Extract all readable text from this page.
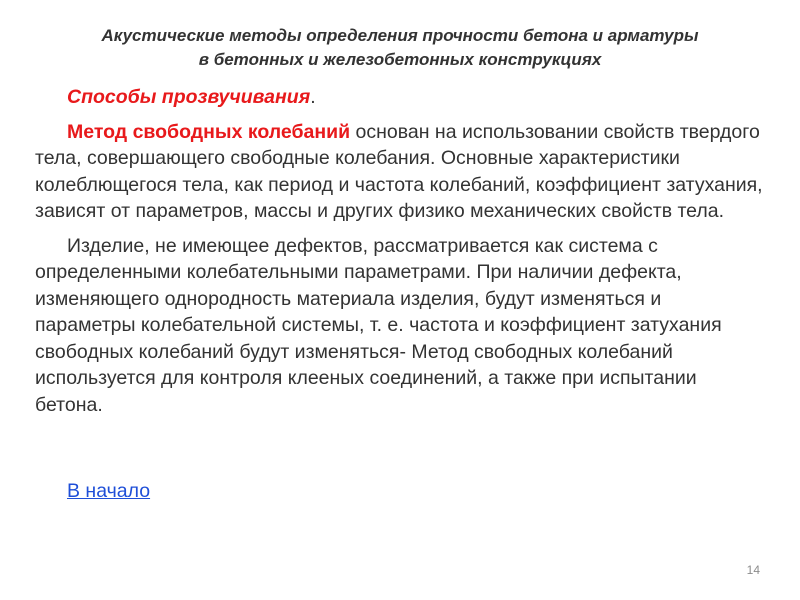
Акустические методы определения прочности бетона и арматуры
в бетонных и железобетонных конструкциях

Способы прозвучивания.

Метод свободных колебаний основан на использовании свойств твердого тела, совершающего свободные колебания. Основные характеристики колеблющегося тела, как период и частота колебаний, коэффициент затухания, зависят от параметров, массы и других физико механических свойств тела.

Изделие, не имеющее дефектов, рассматривается как система с определенными колебательными параметрами. При наличии дефекта, изменяющего однородность материала изделия, будут изменяться и параметры колебательной системы, т. е. частота и коэффициент затухания свободных колебаний будут изменяться- Метод свободных колебаний используется для контроля клееных соединений, а также при испытании бетона.

В начало
14
